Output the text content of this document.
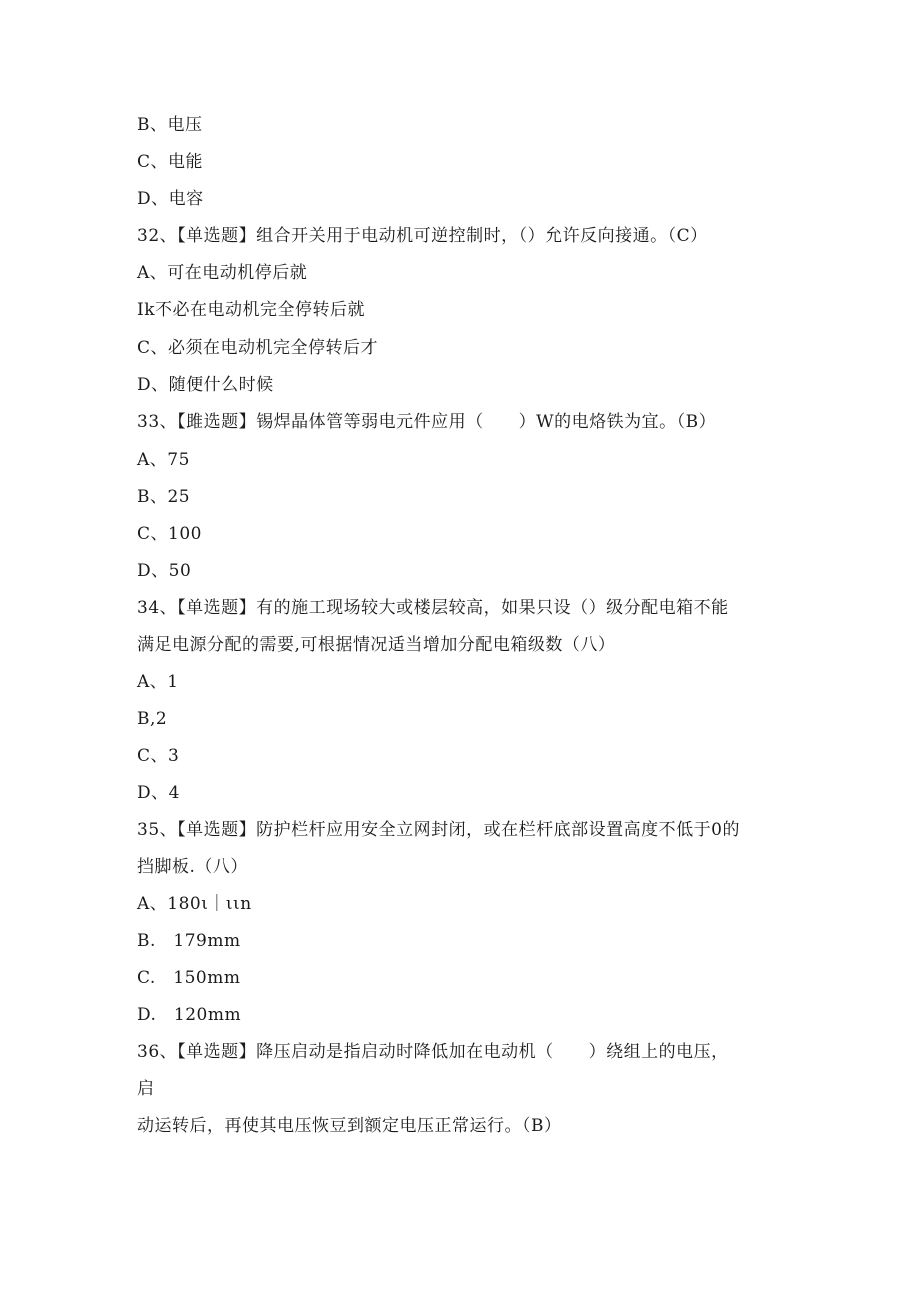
B、电压
C、电能
D、电容
32、【单选题】组合开关用于电动机可逆控制时，（）允许反向接通。（C）
A、可在电动机停后就
Ik不必在电动机完全停转后就
C、必须在电动机完全停转后才
D、随便什么时候
33、【雎选题】锡焊晶体管等弱电元件应用（　　）W的电烙铁为宜。（B）
A、75
B、25
C、100
D、50
34、【单选题】有的施工现场较大或楼层较高，如果只设（）级分配电箱不能
满足电源分配的需要,可根据情况适当增加分配电箱级数（八）
A、1
B,2
C、3
D、4
35、【单选题】防护栏杆应用安全立网封闭，或在栏杆底部设置高度不低于0的
挡脚板.（八）
A、180ι｜ιιn
B.　179mm
C.　150mm
D.　120mm
36、【单选题】降压启动是指启动时降低加在电动机（　　）绕组上的电压，
启
动运转后，再使其电压恢豆到额定电压正常运行。（B）
